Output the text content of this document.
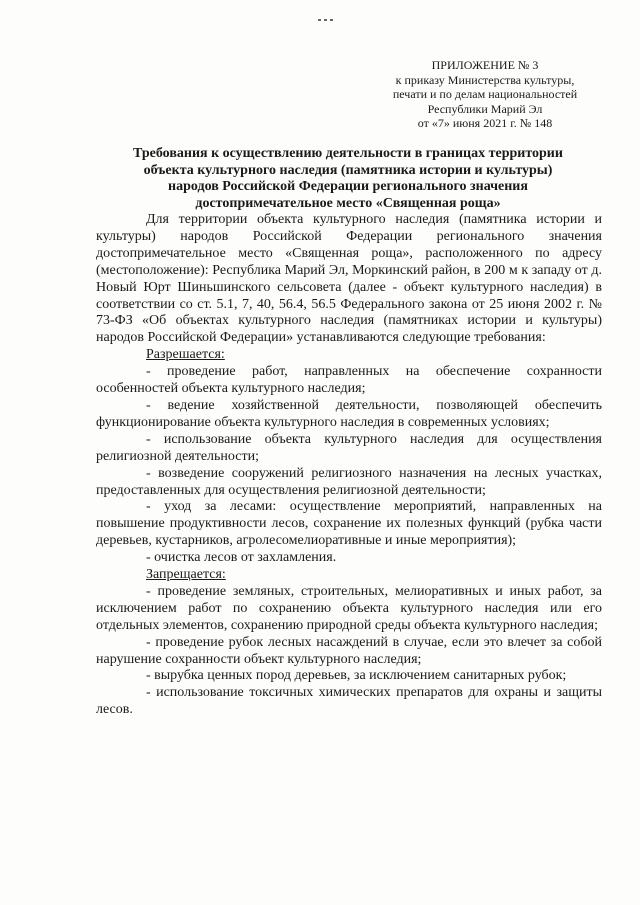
ПРИЛОЖЕНИЕ № 3
к приказу Министерства культуры,
печати и по делам национальностей
Республики Марий Эл
от «7» июня 2021 г. № 148
Требования к осуществлению деятельности в границах территории
объекта культурного наследия (памятника истории и культуры)
народов Российской Федерации регионального значения
достопримечательное место «Священная роща»

Для территории объекта культурного наследия (памятника истории и культуры) народов Российской Федерации регионального значения достопримечательное место «Священная роща», расположенного по адресу (местоположение): Республика Марий Эл, Моркинский район, в 200 м к западу от д. Новый Юрт Шиньшинского сельсовета (далее - объект культурного наследия) в соответствии со ст. 5.1, 7, 40, 56.4, 56.5 Федерального закона от 25 июня 2002 г. № 73-ФЗ «Об объектах культурного наследия (памятниках истории и культуры) народов Российской Федерации» устанавливаются следующие требования:

Разрешается:

- проведение работ, направленных на обеспечение сохранности особенностей объекта культурного наследия;

- ведение хозяйственной деятельности, позволяющей обеспечить функционирование объекта культурного наследия в современных условиях;

- использование объекта культурного наследия для осуществления религиозной деятельности;

- возведение сооружений религиозного назначения на лесных участках, предоставленных для осуществления религиозной деятельности;

- уход за лесами: осуществление мероприятий, направленных на повышение продуктивности лесов, сохранение их полезных функций (рубка части деревьев, кустарников, агролесомелиоративные и иные мероприятия);

- очистка лесов от захламления.

Запрещается:

- проведение земляных, строительных, мелиоративных и иных работ, за исключением работ по сохранению объекта культурного наследия или его отдельных элементов, сохранению природной среды объекта культурного наследия;

- проведение рубок лесных насаждений в случае, если это влечет за собой нарушение сохранности объект культурного наследия;

- вырубка ценных пород деревьев, за исключением санитарных рубок;

- использование токсичных химических препаратов для охраны и защиты лесов.
